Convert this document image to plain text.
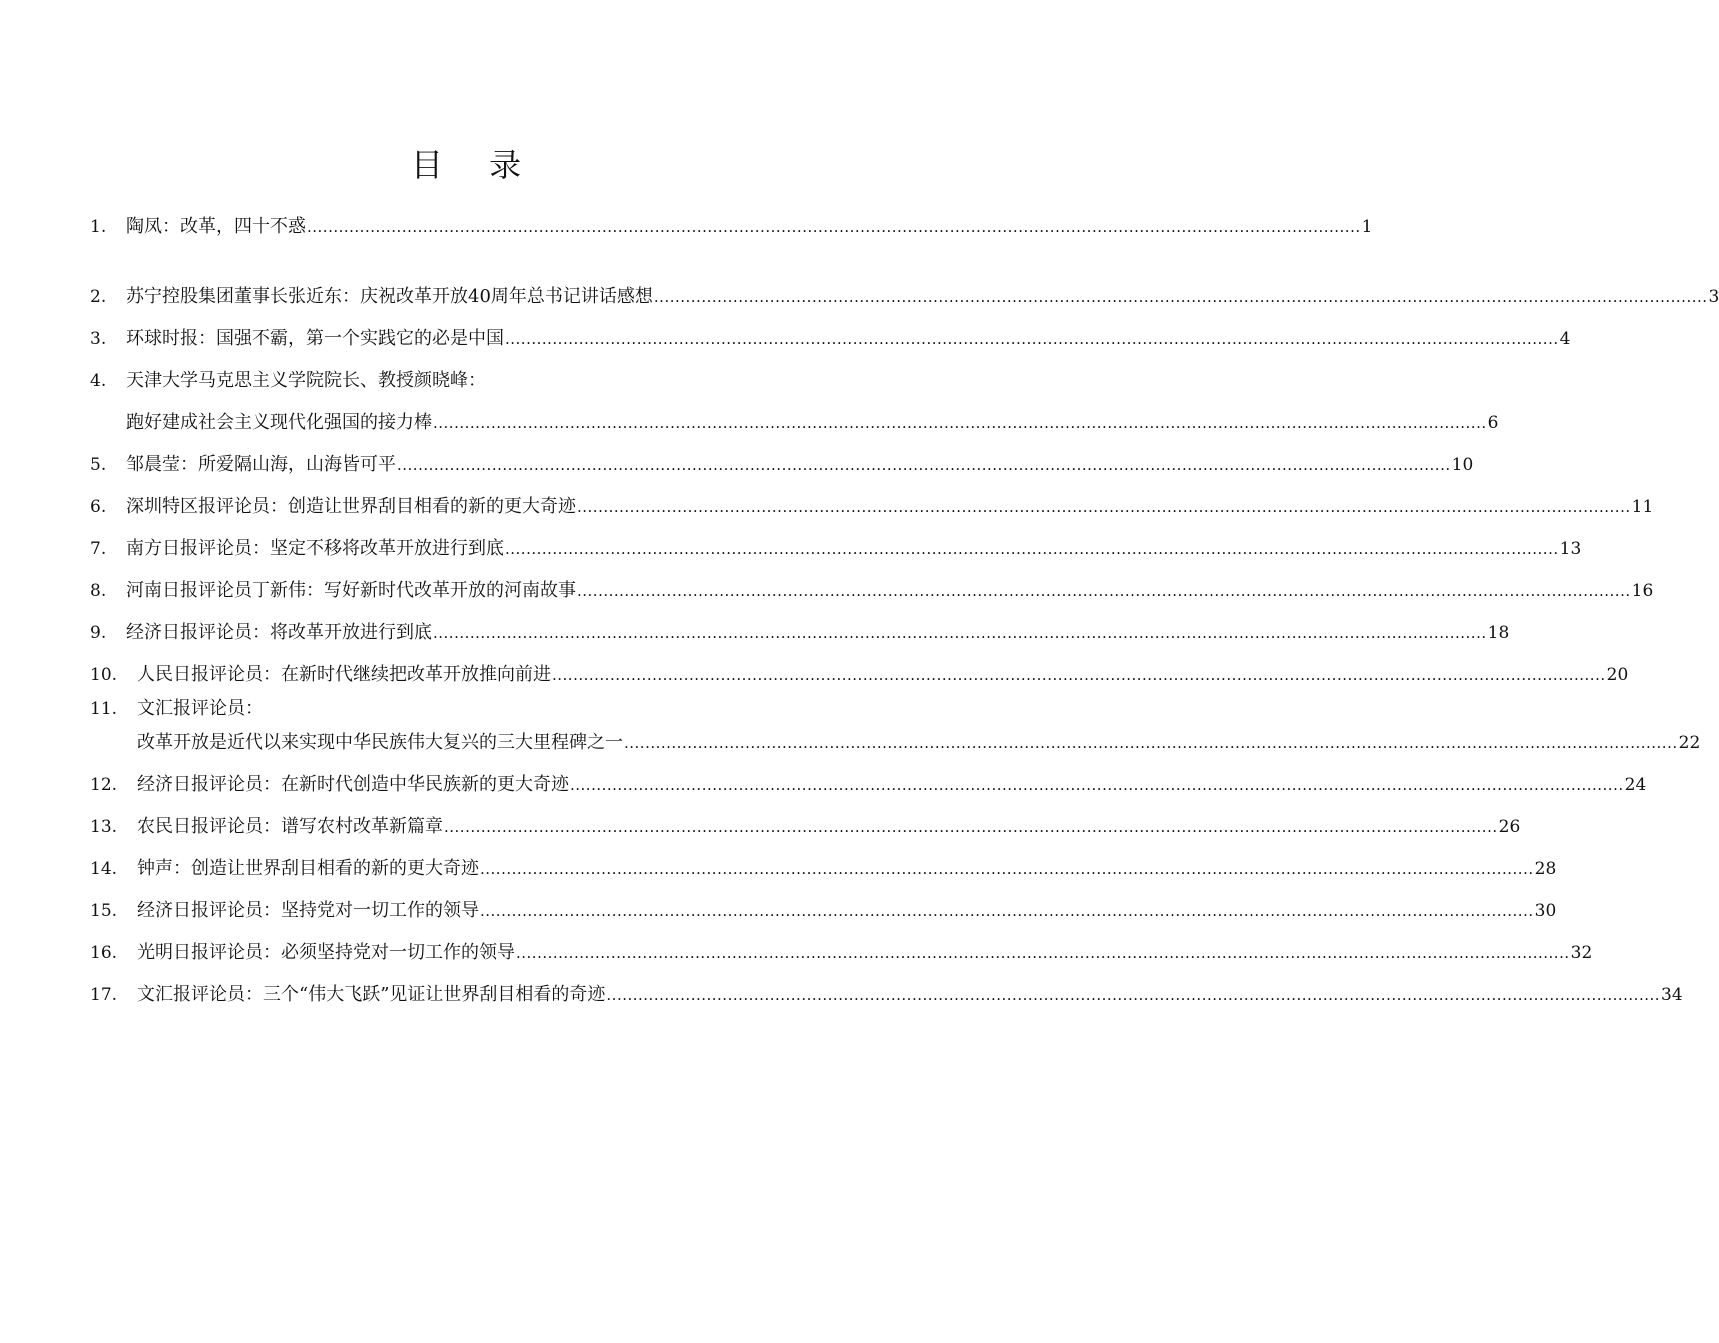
目 录
1. 陶凤：改革，四十不惑 ........................................................................................................................................................................................................ 1
2. 苏宁控股集团董事长张近东：庆祝改革开放40周年总书记讲话感想 ........................................................................................................................................................................................................ 3
3. 环球时报：国强不霸，第一个实践它的必是中国 ........................................................................................................................................................................................................ 4
4. 天津大学马克思主义学院院长、教授颜晓峰：
跑好建成社会主义现代化强国的接力棒 ........................................................................................................................................................................................................ 6
5. 邹晨莹：所爱隔山海，山海皆可平 ........................................................................................................................................................................................................ 10
6. 深圳特区报评论员：创造让世界刮目相看的新的更大奇迹 ........................................................................................................................................................................................................ 11
7. 南方日报评论员：坚定不移将改革开放进行到底 ........................................................................................................................................................................................................ 13
8. 河南日报评论员丁新伟：写好新时代改革开放的河南故事 ........................................................................................................................................................................................................ 16
9. 经济日报评论员：将改革开放进行到底 ........................................................................................................................................................................................................ 18
10. 人民日报评论员：在新时代继续把改革开放推向前进 ........................................................................................................................................................................................................ 20
11. 文汇报评论员：
改革开放是近代以来实现中华民族伟大复兴的三大里程碑之一 ........................................................................................................................................................................................................ 22
12. 经济日报评论员：在新时代创造中华民族新的更大奇迹 ........................................................................................................................................................................................................ 24
13. 农民日报评论员：谱写农村改革新篇章 ........................................................................................................................................................................................................ 26
14. 钟声：创造让世界刮目相看的新的更大奇迹 ........................................................................................................................................................................................................ 28
15. 经济日报评论员：坚持党对一切工作的领导 ........................................................................................................................................................................................................ 30
16. 光明日报评论员：必须坚持党对一切工作的领导 ........................................................................................................................................................................................................ 32
17. 文汇报评论员：三个“伟大飞跃”见证让世界刮目相看的奇迹 ........................................................................................................................................................................................................ 34
